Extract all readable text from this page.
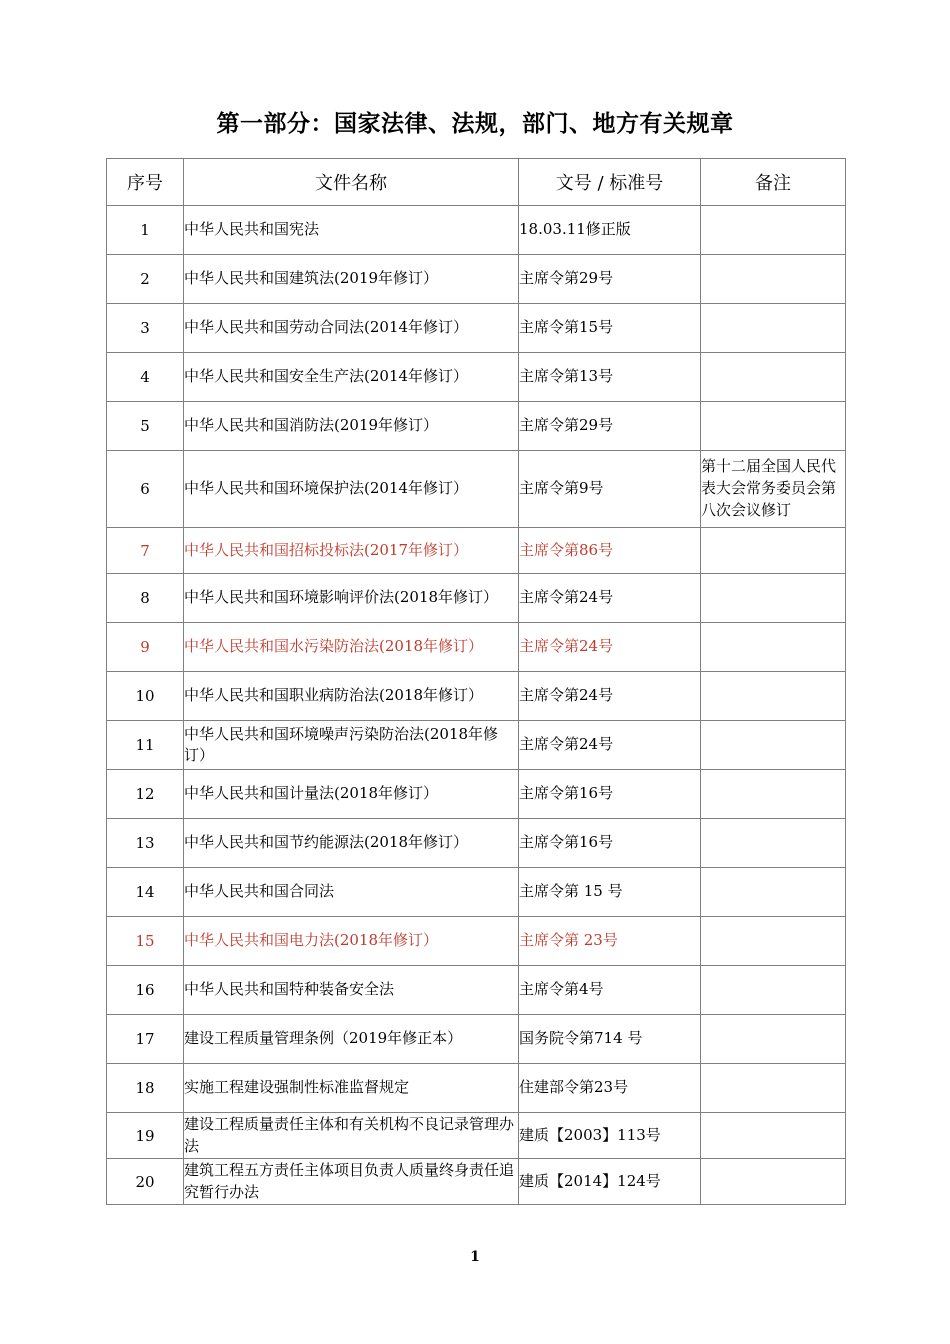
第一部分：国家法律、法规，部门、地方有关规章
序号	文件名称	文号 / 标准号	备注
1	中华人民共和国宪法	18.03.11修正版	
2	中华人民共和国建筑法(2019年修订）	主席令第29号	
3	中华人民共和国劳动合同法(2014年修订）	主席令第15号	
4	中华人民共和国安全生产法(2014年修订）	主席令第13号	
5	中华人民共和国消防法(2019年修订）	主席令第29号	
6	中华人民共和国环境保护法(2014年修订）	主席令第9号	第十二届全国人民代表大会常务委员会第八次会议修订
7	中华人民共和国招标投标法(2017年修订）	主席令第86号	
8	中华人民共和国环境影响评价法(2018年修订）	主席令第24号	
9	中华人民共和国水污染防治法(2018年修订）	主席令第24号	
10	中华人民共和国职业病防治法(2018年修订）	主席令第24号	
11	中华人民共和国环境噪声污染防治法(2018年修订）	主席令第24号	
12	中华人民共和国计量法(2018年修订）	主席令第16号	
13	中华人民共和国节约能源法(2018年修订）	主席令第16号	
14	中华人民共和国合同法	主席令第 15 号	
15	中华人民共和国电力法(2018年修订）	主席令第 23号	
16	中华人民共和国特种装备安全法	主席令第4号	
17	建设工程质量管理条例（2019年修正本）	国务院令第714 号	
18	实施工程建设强制性标准监督规定	住建部令第23号	
19	建设工程质量责任主体和有关机构不良记录管理办法	建质【2003】113号	
20	建筑工程五方责任主体项目负责人质量终身责任追究暂行办法	建质【2014】124号	
1
